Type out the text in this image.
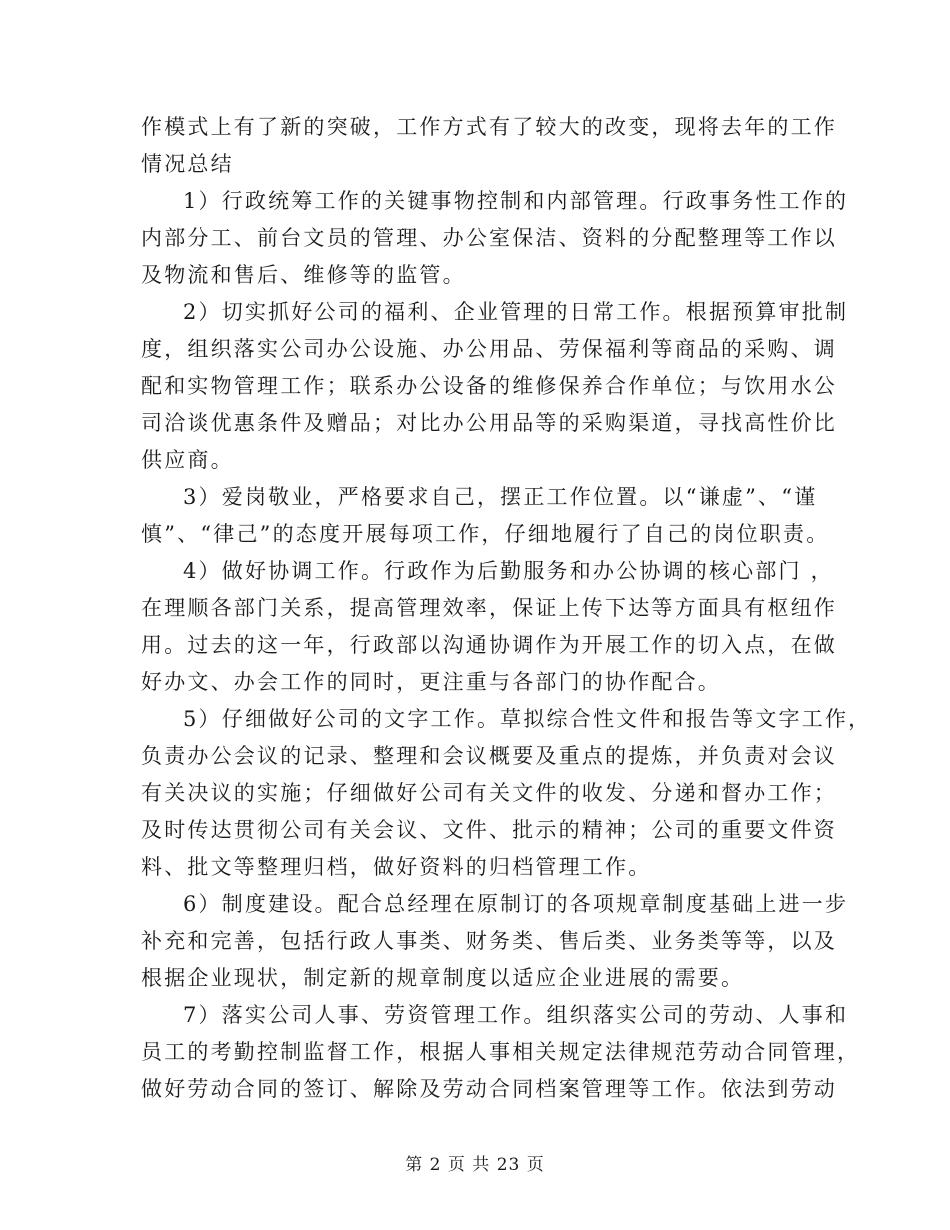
作模式上有了新的突破，工作方式有了较大的改变，现将去年的工作
情况总结
1）行政统筹工作的关键事物控制和内部管理。行政事务性工作的
内部分工、前台文员的管理、办公室保洁、资料的分配整理等工作以
及物流和售后、维修等的监管。
2）切实抓好公司的福利、企业管理的日常工作。根据预算审批制
度，组织落实公司办公设施、办公用品、劳保福利等商品的采购、调
配和实物管理工作；联系办公设备的维修保养合作单位；与饮用水公
司洽谈优惠条件及赠品；对比办公用品等的采购渠道，寻找高性价比
供应商。
3）爱岗敬业，严格要求自己，摆正工作位置。以“谦虚”、“谨
慎”、“律己”的态度开展每项工作，仔细地履行了自己的岗位职责。
4）做好协调工作。行政作为后勤服务和办公协调的核心部门 ，
在理顺各部门关系，提高管理效率，保证上传下达等方面具有枢纽作
用。过去的这一年，行政部以沟通协调作为开展工作的切入点，在做
好办文、办会工作的同时，更注重与各部门的协作配合。
5）仔细做好公司的文字工作。草拟综合性文件和报告等文字工作，
负责办公会议的记录、整理和会议概要及重点的提炼，并负责对会议
有关决议的实施；仔细做好公司有关文件的收发、分递和督办工作；
及时传达贯彻公司有关会议、文件、批示的精神；公司的重要文件资
料、批文等整理归档，做好资料的归档管理工作。
6）制度建设。配合总经理在原制订的各项规章制度基础上进一步
补充和完善，包括行政人事类、财务类、售后类、业务类等等，以及
根据企业现状，制定新的规章制度以适应企业进展的需要。
7）落实公司人事、劳资管理工作。组织落实公司的劳动、人事和
员工的考勤控制监督工作，根据人事相关规定法律规范劳动合同管理，
做好劳动合同的签订、解除及劳动合同档案管理等工作。依法到劳动
第 2 页 共 23 页
